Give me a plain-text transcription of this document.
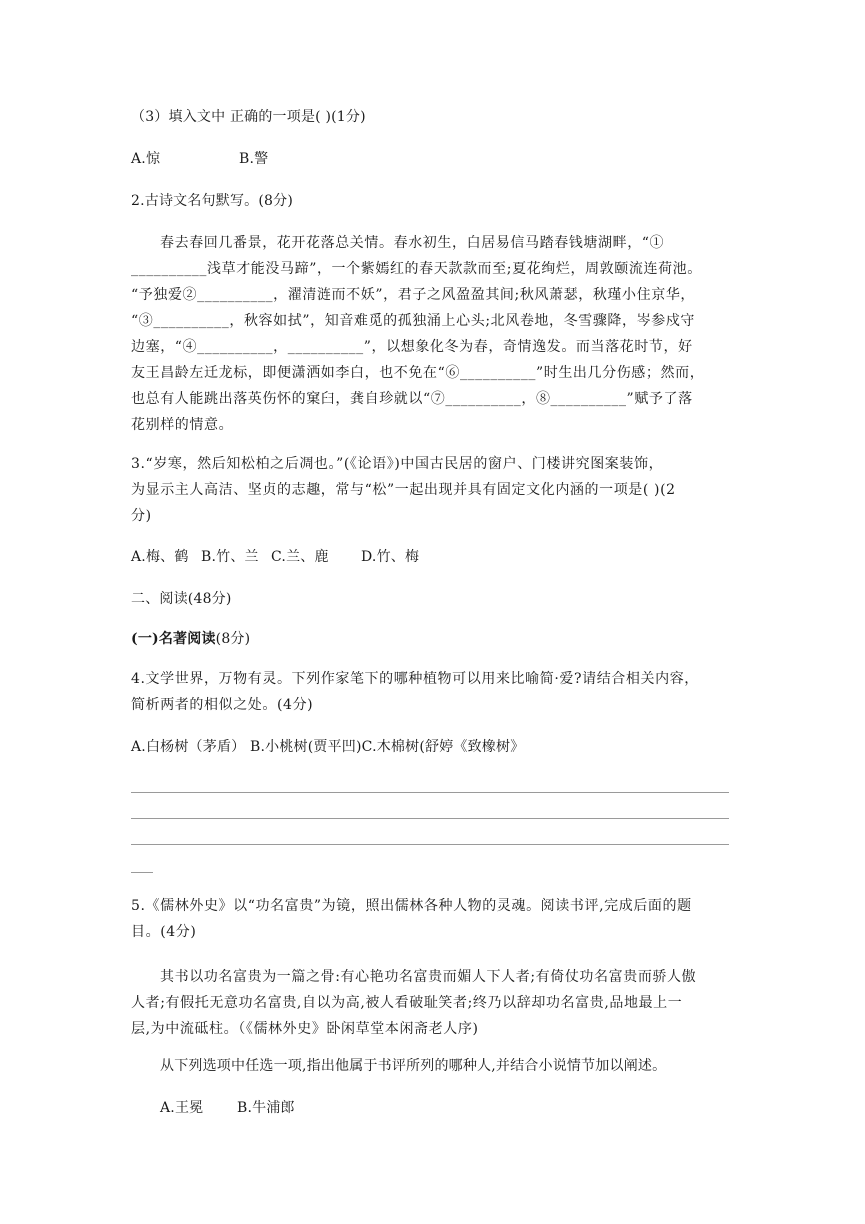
（3）填入文中 正确的一项是( )(1分)
A.惊	B.警
2.古诗文名句默写。(8分)
春去春回几番景，花开花落总关情。春水初生，白居易信马踏春钱塘湖畔，“①
__________浅草才能没马蹄”，一个紫嫣红的春天款款而至;夏花绚烂，周敦颐流连荷池。
“予独爱②__________，濯清涟而不妖”，君子之风盈盈其间;秋风萧瑟，秋瑾小住京华，
“③__________，秋容如拭”，知音难觅的孤独涌上心头;北风卷地，冬雪骤降，岑参戍守
边塞，“④__________，__________”，以想象化冬为春，奇情逸发。而当落花时节，好
友王昌龄左迁龙标，即便潇洒如李白，也不免在“⑥__________”时生出几分伤感；然而，
也总有人能跳出落英伤怀的窠臼，龚自珍就以“⑦__________，⑧__________”赋予了落
花别样的情意。
3.“岁寒，然后知松柏之后凋也。”(《论语》)中国古民居的窗户、门楼讲究图案装饰，
为显示主人高洁、坚贞的志趣，常与“松”一起出现并具有固定文化内涵的一项是( )(2
分)
A.梅、鹤 B.竹、兰 C.兰、鹿 D.竹、梅
二、阅读(48分)
(一)名著阅读(8分)
4.文学世界，万物有灵。下列作家笔下的哪种植物可以用来比喻简·爱?请结合相关内容，
简析两者的相似之处。(4分)
A.白杨树（茅盾） B.小桃树(贾平凹)C.木棉树(舒婷《致橡树》
5.《儒林外史》以“功名富贵”为镜，照出儒林各种人物的灵魂。阅读书评,完成后面的题
目。(4分)
其书以功名富贵为一篇之骨:有心艳功名富贵而媚人下人者;有倚仗功名富贵而骄人傲
人者;有假托无意功名富贵,自以为高,被人看破耻笑者;终乃以辞却功名富贵,品地最上一
层,为中流砥柱。（《儒林外史》卧闲草堂本闲斋老人序)
从下列选项中任选一项,指出他属于书评所列的哪种人,并结合小说情节加以阐述。
A.王冕 B.牛浦郎
